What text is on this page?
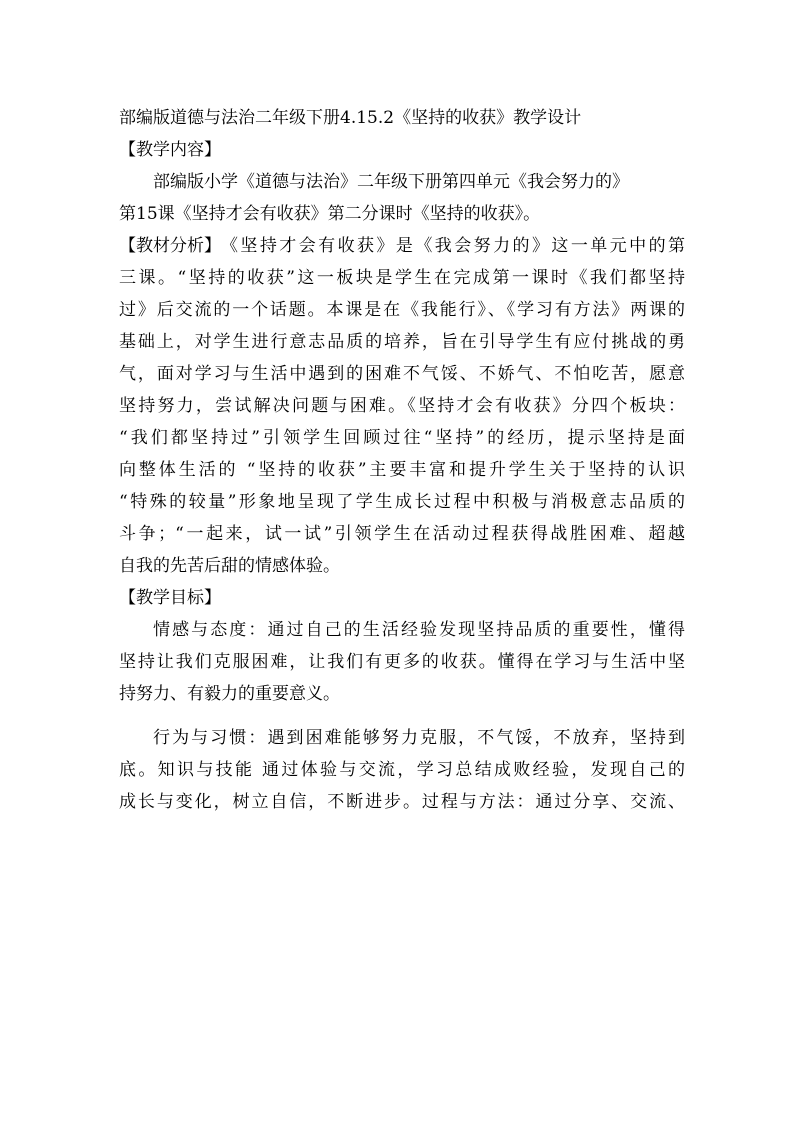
部编版道德与法治二年级下册4.15.2《坚持的收获》教学设计
【教学内容】
部编版小学《道德与法治》二年级下册第四单元《我会努力的》
第15课《坚持才会有收获》第二分课时《坚持的收获》。
【教材分析】 《坚持才会有收获》是《我会努力的》这一单元中的第
三课。“坚持的收获”这一板块是学生在完成第一课时《我们都坚持
过》后交流的一个话题。本课是在《我能行》、《学习有方法》两课的
基础上，对学生进行意志品质的培养，旨在引导学生有应付挑战的勇
气，面对学习与生活中遇到的困难不气馁、不娇气、不怕吃苦，愿意
坚持努力，尝试解决问题与困难。《坚持才会有收获》分四个板块：
“我们都坚持过”引领学生回顾过往“坚持”的经历，提示坚持是面
向整体生活的 “坚持的收获”主要丰富和提升学生关于坚持的认识
“特殊的较量”形象地呈现了学生成长过程中积极与消极意志品质的
斗争；“一起来，试一试”引领学生在活动过程获得战胜困难、超越
自我的先苦后甜的情感体验。
【教学目标】
情感与态度：通过自己的生活经验发现坚持品质的重要性，懂得
坚持让我们克服困难，让我们有更多的收获。懂得在学习与生活中坚
持努力、有毅力的重要意义。
行为与习惯：遇到困难能够努力克服，不气馁，不放弃，坚持到
底。知识与技能 通过体验与交流，学习总结成败经验，发现自己的
成长与变化，树立自信，不断进步。过程与方法：通过分享、交流、
